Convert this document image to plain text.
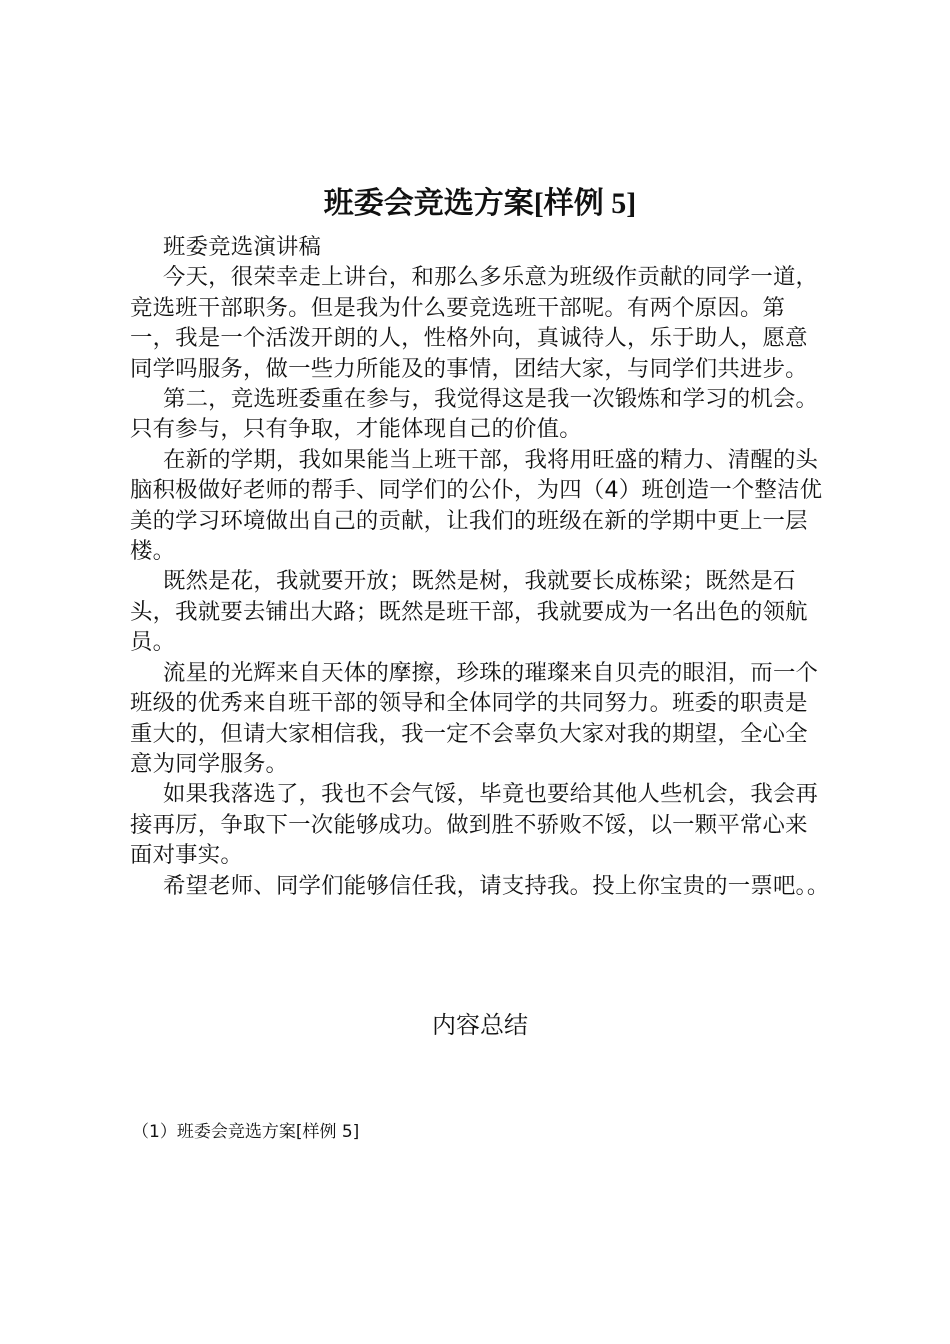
班委会竞选方案[样例 5]

班委竞选演讲稿

今天，很荣幸走上讲台，和那么多乐意为班级作贡献的同学一道，竞选班干部职务。但是我为什么要竞选班干部呢。有两个原因。第一，我是一个活泼开朗的人，性格外向，真诚待人，乐于助人，愿意同学吗服务，做一些力所能及的事情，团结大家，与同学们共进步。

第二，竞选班委重在参与，我觉得这是我一次锻炼和学习的机会。只有参与，只有争取，才能体现自己的价值。

在新的学期，我如果能当上班干部，我将用旺盛的精力、清醒的头脑积极做好老师的帮手、同学们的公仆，为四（4）班创造一个整洁优美的学习环境做出自己的贡献，让我们的班级在新的学期中更上一层楼。

既然是花，我就要开放；既然是树，我就要长成栋梁；既然是石头，我就要去铺出大路；既然是班干部，我就要成为一名出色的领航员。

流星的光辉来自天体的摩擦，珍珠的璀璨来自贝壳的眼泪，而一个班级的优秀来自班干部的领导和全体同学的共同努力。班委的职责是重大的，但请大家相信我，我一定不会辜负大家对我的期望，全心全意为同学服务。

如果我落选了，我也不会气馁，毕竟也要给其他人些机会，我会再接再厉，争取下一次能够成功。做到胜不骄败不馁，以一颗平常心来面对事实。

希望老师、同学们能够信任我，请支持我。投上你宝贵的一票吧。。

内容总结
（1）班委会竞选方案[样例 5]
